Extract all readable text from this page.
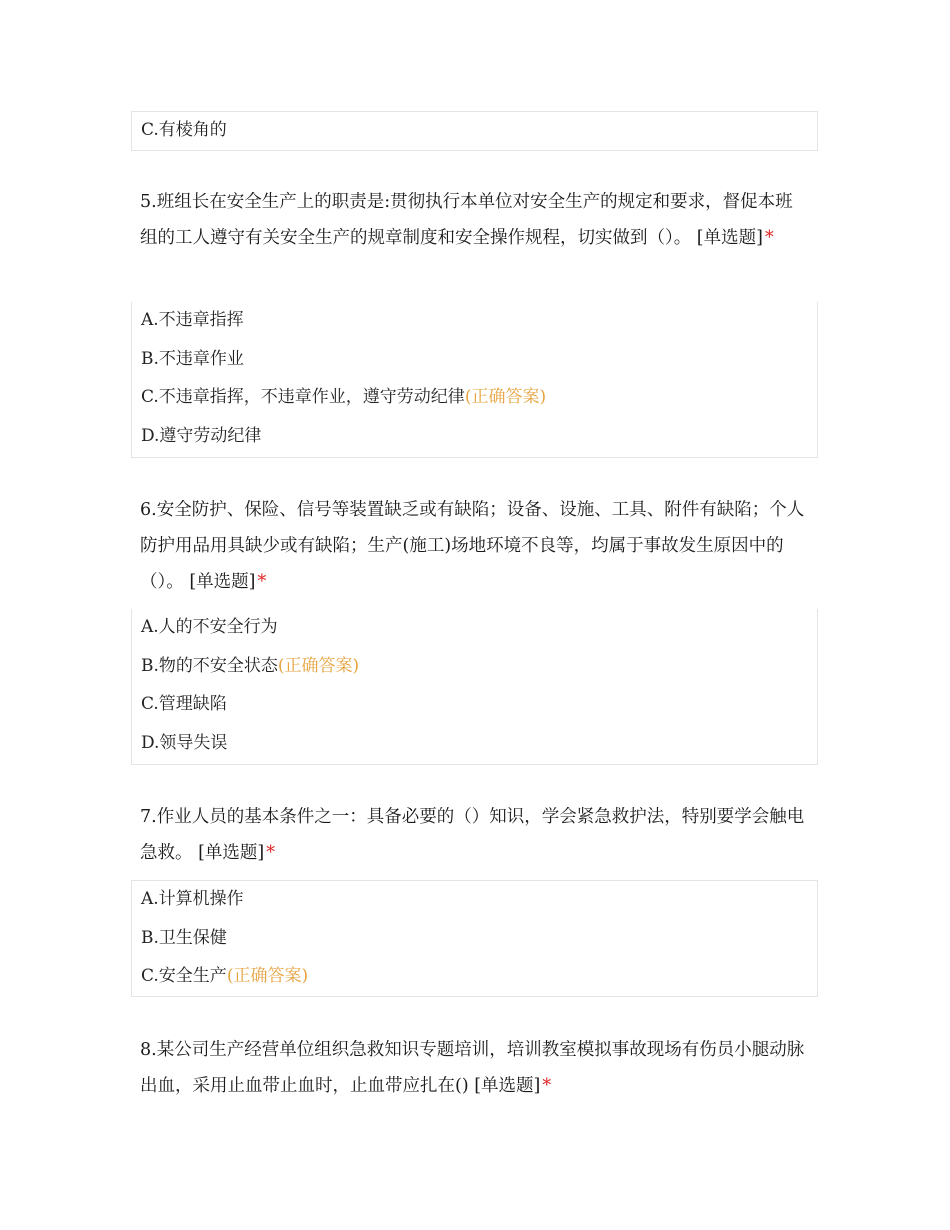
C.有棱角的
5.班组长在安全生产上的职责是:贯彻执行本单位对安全生产的规定和要求，督促本班组的工人遵守有关安全生产的规章制度和安全操作规程，切实做到（）。 [单选题] *
A.不违章指挥
B.不违章作业
C.不违章指挥，不违章作业，遵守劳动纪律(正确答案)
D.遵守劳动纪律
6.安全防护、保险、信号等装置缺乏或有缺陷；设备、设施、工具、附件有缺陷；个人防护用品用具缺少或有缺陷；生产(施工)场地环境不良等，均属于事故发生原因中的（）。 [单选题] *
A.人的不安全行为
B.物的不安全状态(正确答案)
C.管理缺陷
D.领导失误
7.作业人员的基本条件之一：具备必要的（）知识，学会紧急救护法，特别要学会触电急救。 [单选题] *
A.计算机操作
B.卫生保健
C.安全生产(正确答案)
8.某公司生产经营单位组织急救知识专题培训，培训教室模拟事故现场有伤员小腿动脉出血，采用止血带止血时，止血带应扎在() [单选题] *
